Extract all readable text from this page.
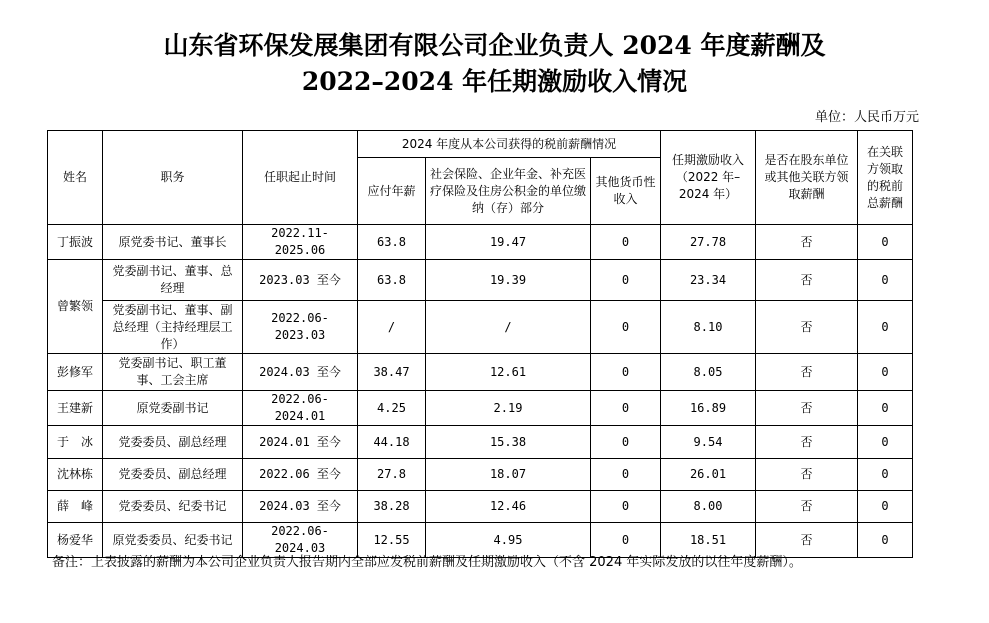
山东省环保发展集团有限公司企业负责人 2024 年度薪酬及
2022–2024 年任期激励收入情况
单位：人民币万元
姓名	职务	任职起止时间	2024 年度从本公司获得的税前薪酬情况			任期激励收入（2022 年–2024 年）	是否在股东单位或其他关联方领取薪酬	在关联方领取的税前总薪酬
			应付年薪	社会保险、企业年金、补充医疗保险及住房公积金的单位缴纳（存）部分	其他货币性收入			
丁振波	原党委书记、董事长	2022.11-2025.06	63.8	19.47	0	27.78	否	0
曾繁领	党委副书记、董事、总经理	2023.03 至今	63.8	19.39	0	23.34	否	0
	党委副书记、董事、副总经理（主持经理层工作）	2022.06-2023.03	/	/	0	8.10	否	0
彭修军	党委副书记、职工董事、工会主席	2024.03 至今	38.47	12.61	0	8.05	否	0
王建新	原党委副书记	2022.06-2024.01	4.25	2.19	0	16.89	否	0
于　冰	党委委员、副总经理	2024.01 至今	44.18	15.38	0	9.54	否	0
沈林栋	党委委员、副总经理	2022.06 至今	27.8	18.07	0	26.01	否	0
薛　峰	党委委员、纪委书记	2024.03 至今	38.28	12.46	0	8.00	否	0
杨爱华	原党委委员、纪委书记	2022.06-2024.03	12.55	4.95	0	18.51	否	0
备注：上表披露的薪酬为本公司企业负责人报告期内全部应发税前薪酬及任期激励收入（不含 2024 年实际发放的以往年度薪酬）。
